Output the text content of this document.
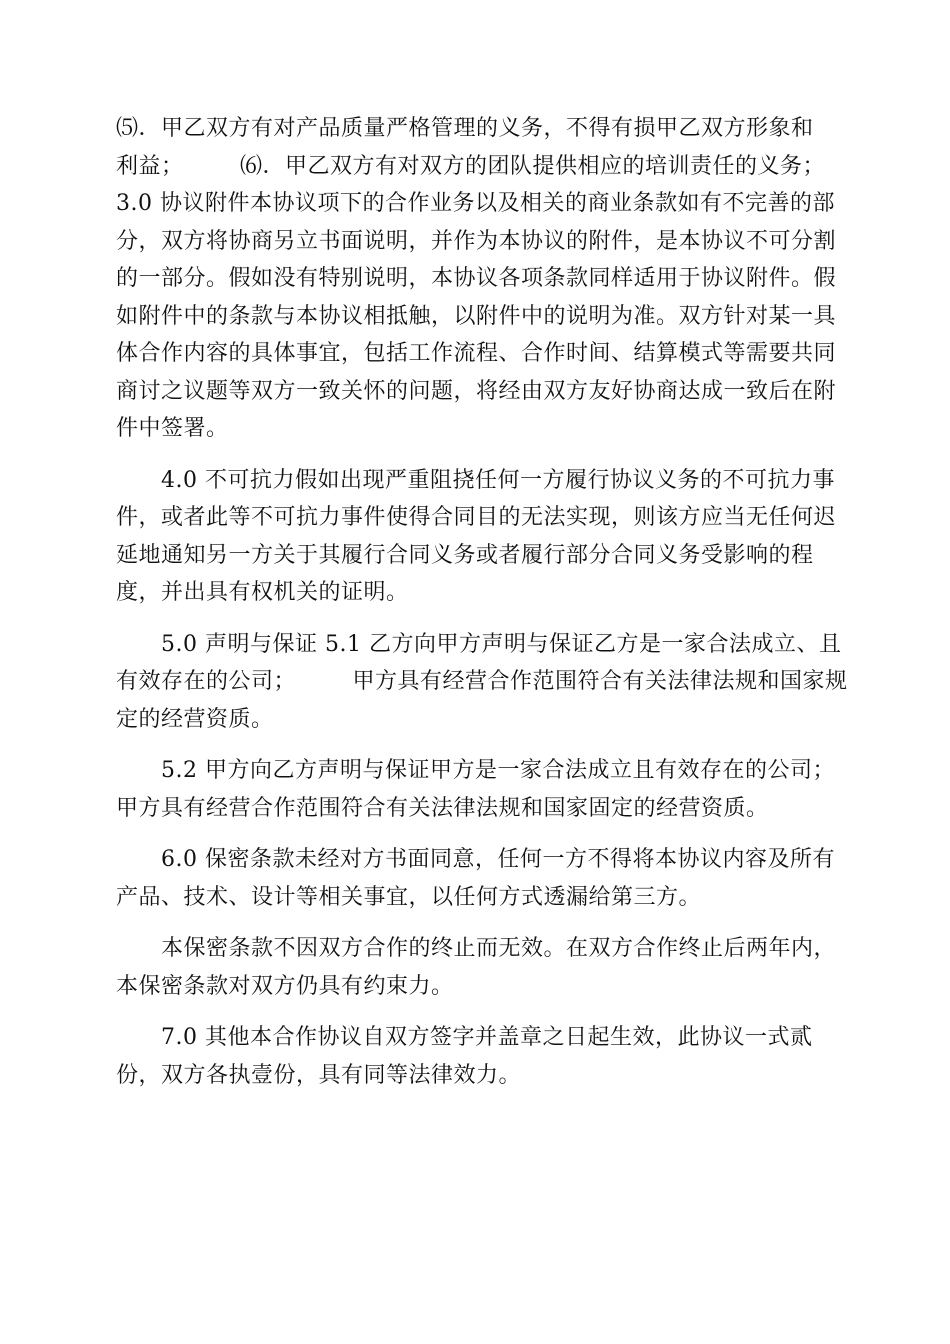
⑸．甲乙双方有对产品质量严格管理的义务，不得有损甲乙双方形象和
利益；　　　⑹．甲乙双方有对双方的团队提供相应的培训责任的义务；
3.0 协议附件本协议项下的合作业务以及相关的商业条款如有不完善的部
分，双方将协商另立书面说明，并作为本协议的附件，是本协议不可分割
的一部分。假如没有特别说明，本协议各项条款同样适用于协议附件。假
如附件中的条款与本协议相抵触，以附件中的说明为准。双方针对某一具
体合作内容的具体事宜，包括工作流程、合作时间、结算模式等需要共同
商讨之议题等双方一致关怀的问题，将经由双方友好协商达成一致后在附
件中签署。
　　4.0 不可抗力假如出现严重阻挠任何一方履行协议义务的不可抗力事
件，或者此等不可抗力事件使得合同目的无法实现，则该方应当无任何迟
延地通知另一方关于其履行合同义务或者履行部分合同义务受影响的程
度，并出具有权机关的证明。
　　5.0 声明与保证 5.1 乙方向甲方声明与保证乙方是一家合法成立、且
有效存在的公司；　　　甲方具有经营合作范围符合有关法律法规和国家规
定的经营资质。
　　5.2 甲方向乙方声明与保证甲方是一家合法成立且有效存在的公司；
甲方具有经营合作范围符合有关法律法规和国家固定的经营资质。
　　6.0 保密条款未经对方书面同意，任何一方不得将本协议内容及所有
产品、技术、设计等相关事宜，以任何方式透漏给第三方。
　　本保密条款不因双方合作的终止而无效。在双方合作终止后两年内，
本保密条款对双方仍具有约束力。
　　7.0 其他本合作协议自双方签字并盖章之日起生效，此协议一式贰
份，双方各执壹份，具有同等法律效力。
